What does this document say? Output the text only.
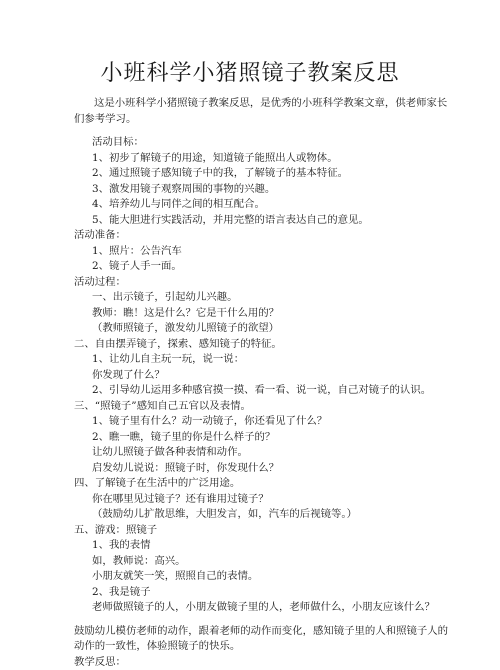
小班科学小猪照镜子教案反思
这是小班科学小猪照镜子教案反思，是优秀的小班科学教案文章，供老师家长
们参考学习。
活动目标：
1、初步了解镜子的用途，知道镜子能照出人或物体。
2、通过照镜子感知镜子中的我，了解镜子的基本特征。
3、激发用镜子观察周围的事物的兴趣。
4、培养幼儿与同伴之间的相互配合。
5、能大胆进行实践活动，并用完整的语言表达自己的意见。
活动准备：
1、照片：公告汽车
2、镜子人手一面。
活动过程：
一、出示镜子，引起幼儿兴趣。
教师：瞧！这是什么？它是干什么用的？
（教师照镜子，激发幼儿照镜子的欲望）
二、自由摆弄镜子，探索、感知镜子的特征。
1、让幼儿自主玩一玩，说一说：
你发现了什么？
2、引导幼儿运用多种感官摸一摸、看一看、说一说，自己对镜子的认识。
三、“照镜子”感知自己五官以及表情。
1、镜子里有什么？动一动镜子，你还看见了什么？
2、瞧一瞧，镜子里的你是什么样子的？
让幼儿照镜子做各种表情和动作。
启发幼儿说说：照镜子时，你发现什么？
四、了解镜子在生活中的广泛用途。
你在哪里见过镜子？还有谁用过镜子？
（鼓励幼儿扩散思维，大胆发言，如，汽车的后视镜等。）
五、游戏：照镜子
1、我的表情
如，教师说：高兴。
小朋友就笑一笑，照照自己的表情。
2、我是镜子
老师做照镜子的人，小朋友做镜子里的人，老师做什么，小朋友应该什么？
鼓励幼儿模仿老师的动作，跟着老师的动作而变化，感知镜子里的人和照镜子人的
动作的一致性，体验照镜子的快乐。
教学反思：
